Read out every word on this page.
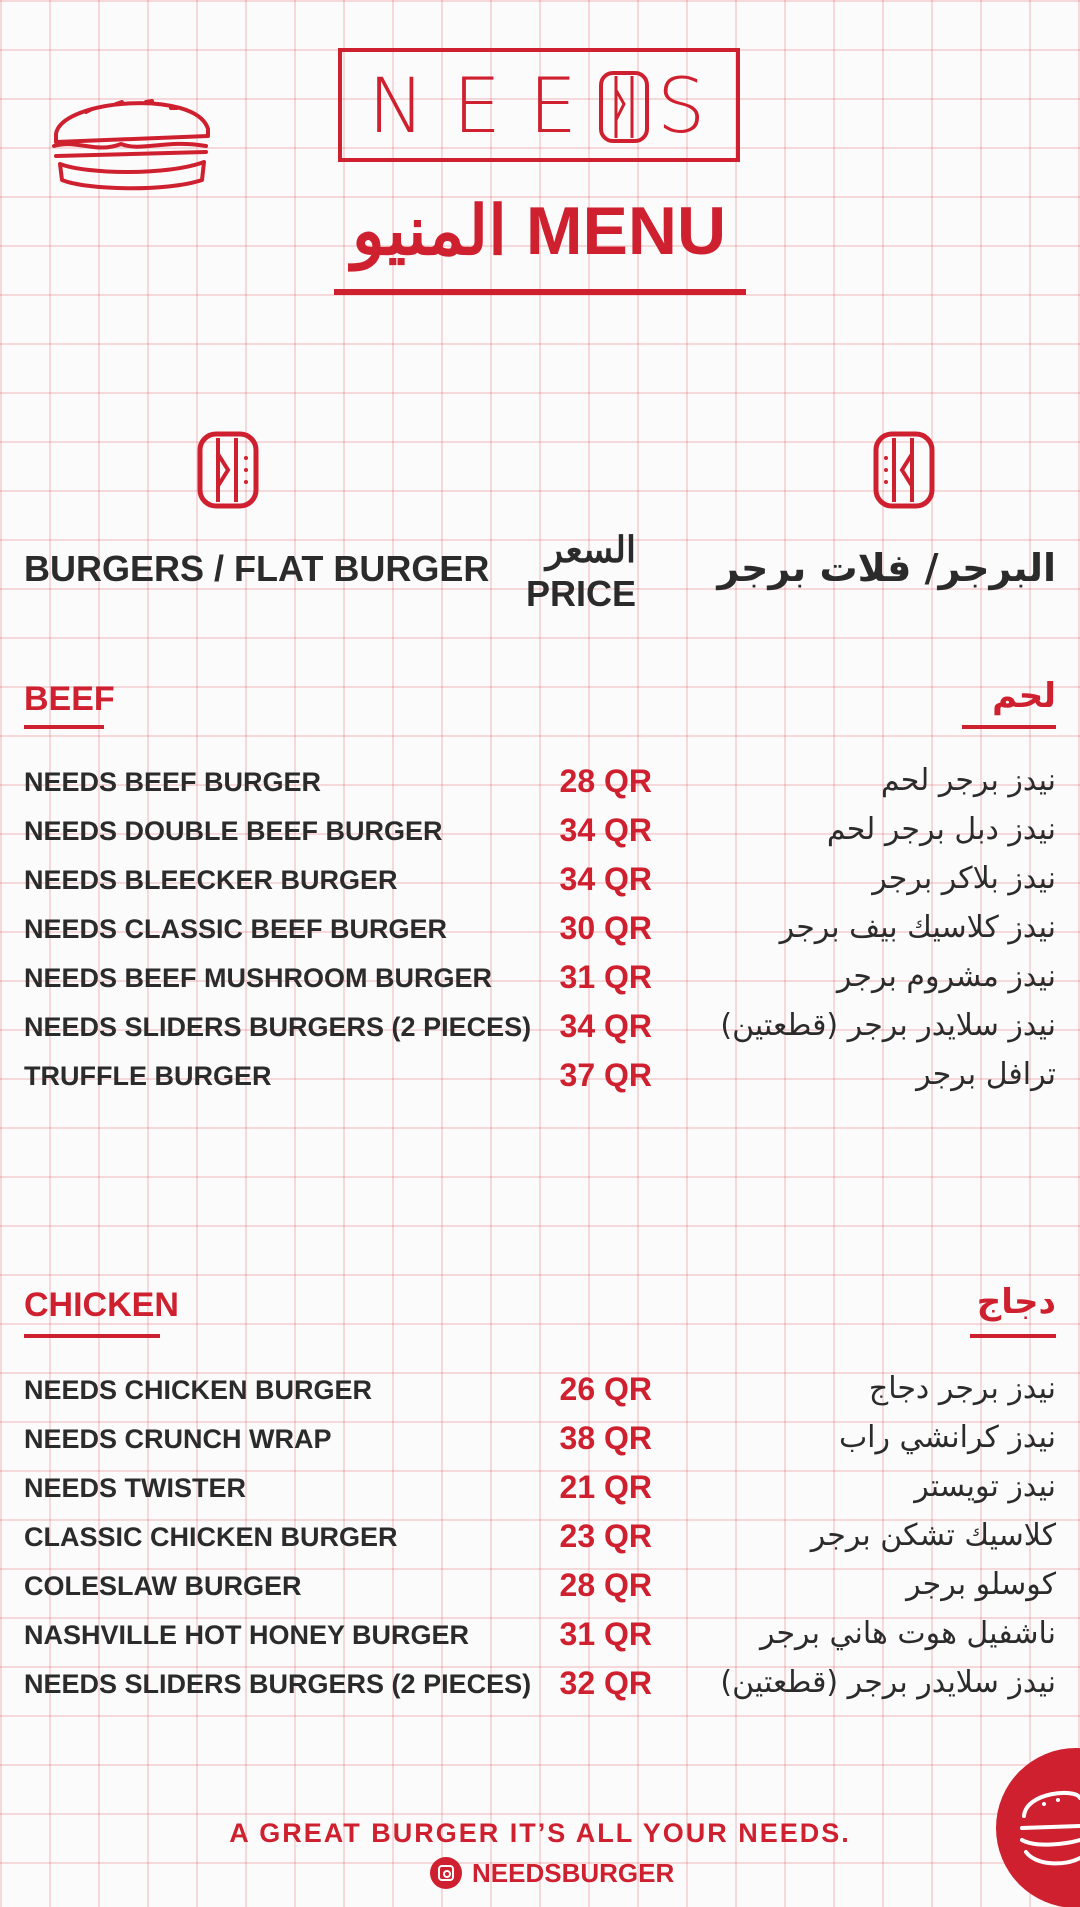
NEE S
المنيو MENU
BURGERS / FLAT BURGER	السعر
PRICE
البرجر/ فلات برجر
BEEF	لحم
NEEDS BEEF BURGER	28 QR	نيدز برجر لحم
NEEDS DOUBLE BEEF BURGER	34 QR	نيدز دبل برجر لحم
NEEDS BLEECKER BURGER	34 QR	نيدز بلاكر برجر
NEEDS CLASSIC BEEF BURGER	30 QR	نيدز كلاسيك بيف برجر
NEEDS BEEF MUSHROOM BURGER	31 QR	نيدز مشروم برجر
NEEDS SLIDERS BURGERS (2 PIECES) 34 QR نيدز سلايدر برجر (قطعتين)
TRUFFLE BURGER	37 QR	ترافل برجر
CHICKEN	دجاج
NEEDS CHICKEN BURGER	26 QR	نيدز برجر دجاج
NEEDS CRUNCH WRAP	38 QR	نيدز كرانشي راب
NEEDS TWISTER	21 QR	نيدز تويستر
CLASSIC CHICKEN BURGER	23 QR	كلاسيك تشكن برجر
COLESLAW BURGER	28 QR	كوسلو برجر
NASHVILLE HOT HONEY BURGER	31 QR	ناشفيل هوت هاني برجر
NEEDS SLIDERS BURGERS (2 PIECES) 32 QR نيدز سلايدر برجر (قطعتين)
A GREAT BURGER IT’S ALL YOUR NEEDS.
NEEDSBURGER
